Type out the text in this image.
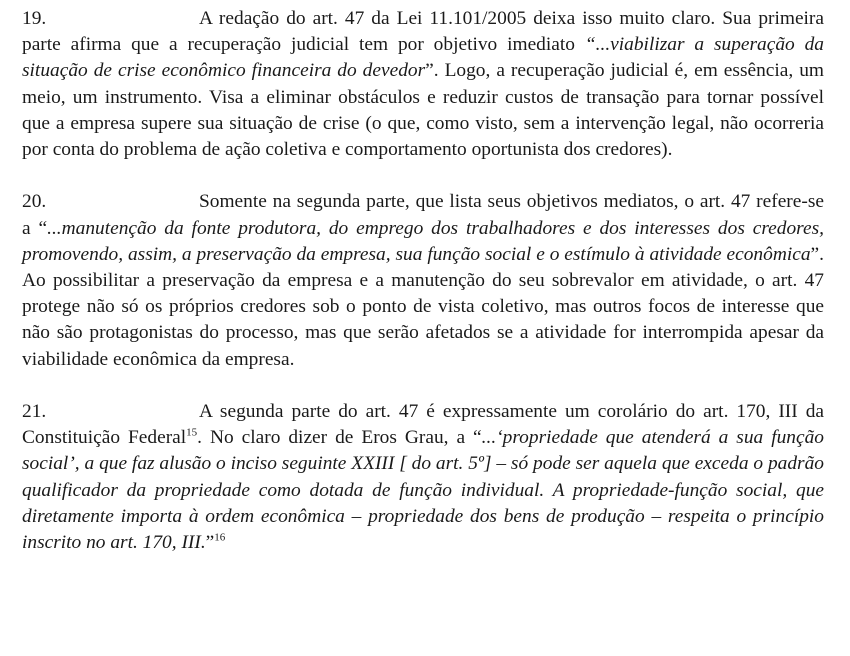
19.	A redação do art. 47 da Lei 11.101/2005 deixa isso muito claro. Sua primeira parte afirma que a recuperação judicial tem por objetivo imediato “...viabilizar a superação da situação de crise econômico financeira do devedor”. Logo, a recuperação judicial é, em essência, um meio, um instrumento. Visa a eliminar obstáculos e reduzir custos de transação para tornar possível que a empresa supere sua situação de crise (o que, como visto, sem a intervenção legal, não ocorreria por conta do problema de ação coletiva e comportamento oportunista dos credores).

20.	Somente na segunda parte, que lista seus objetivos mediatos, o art. 47 refere-se a “...manutenção da fonte produtora, do emprego dos trabalhadores e dos interesses dos credores, promovendo, assim, a preservação da empresa, sua função social e o estímulo à atividade econômica”. Ao possibilitar a preservação da empresa e a manutenção do seu sobrevalor em atividade, o art. 47 protege não só os próprios credores sob o ponto de vista coletivo, mas outros focos de interesse que não são protagonistas do processo, mas que serão afetados se a atividade for interrompida apesar da viabilidade econômica da empresa.

21.	A segunda parte do art. 47 é expressamente um corolário do art. 170, III da Constituição Federal$^{15}$. No claro dizer de Eros Grau, a “...‘propriedade que atenderá a sua função social’, a que faz alusão o inciso seguinte XXIII [ do art. 5º] – só pode ser aquela que exceda o padrão qualificador da propriedade como dotada de função individual. A propriedade-função social, que diretamente importa à ordem econômica – propriedade dos bens de produção – respeita o princípio inscrito no art. 170, III.”$^{16}$
